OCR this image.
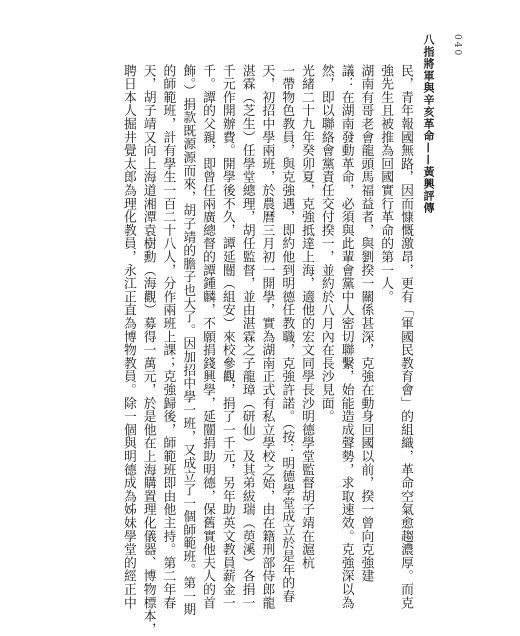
八指將軍與辛亥革命——黃興評傳 040
民，青年報國無路，因而慷慨激昂，更有「軍國民教育會」的組織，革命空氣愈趨濃厚。而克
強先生且被推為回國實行革命的第一人。
湖南有哥老會龍頭馬福益者，與劉揆一關係甚深，克強在動身回國以前，揆一曾向克強建
議：在湖南發動革命，必須與此輩會黨中人密切聯繫，始能造成聲勢，求取速效。克強深以為
然，即以聯絡會黨責任交付揆一，並約於八月內在長沙見面。
光緒二十九年癸卯夏，克強抵達上海，適他的宏文同學長沙明德學堂監督胡子靖在滬杭
一帶物色教員，與克強遇，即約他到明德任教職，克強許諾。（按：明德學堂成立於是年的春
天，初招中學兩班，於農曆三月初一開學，實為湖南正式有私立學校之始，由在籍刑部侍郎龍
湛霖（芝生）任學堂總理，胡任監督，並由湛霖之子龍璋（研仙）及其弟紱瑞（萸溪）各捐一
千元作開辦費。開學後不久，譚延闓（組安）來校參觀，捐了一千元，另年助英文教員薪金一
千。譚的父親，即曾任兩廣總督的譚鍾麟，不願捐錢興學，延闓捐助明德，保舊實他夫人的首
飾。）捐款既源源而來，胡子靖的膽子也大了。因加招中學一班，又成立了一個師範班。第一期
的師範班，計有學生一百二十八人，分作兩班上課；克強歸後，師範班即由他主持。第二年春
天，胡子靖又向上海道湘潭袁樹勳（海觀）募得一萬元，於是他在上海購置理化儀器、博物標本，
聘日本人掘井覺太郎為理化教員，永江正直為博物教員。除一個與明德成為姊妹學堂的經正中
